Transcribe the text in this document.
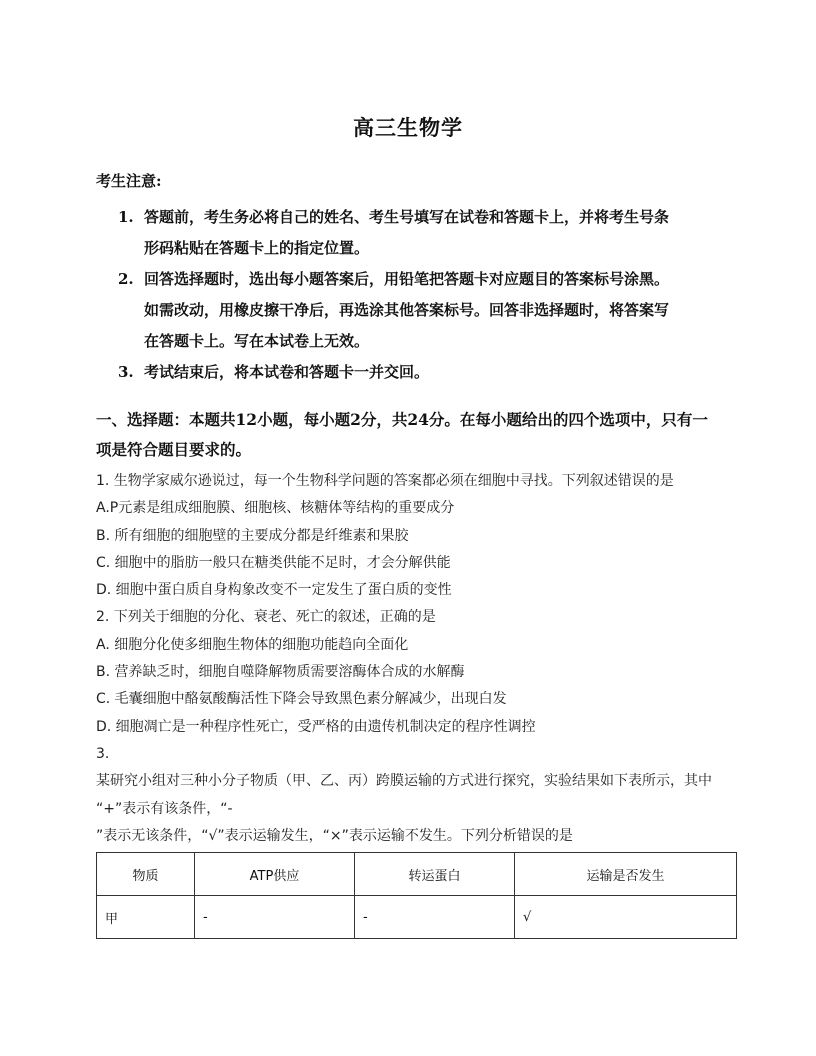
高三生物学
考生注意:
1. 答题前，考生务必将自己的姓名、考生号填写在试卷和答题卡上，并将考生号条
形码粘贴在答题卡上的指定位置。
2. 回答选择题时，选出每小题答案后，用铅笔把答题卡对应题目的答案标号涂黑。
如需改动，用橡皮擦干净后，再选涂其他答案标号。回答非选择题时，将答案写
在答题卡上。写在本试卷上无效。
3. 考试结束后，将本试卷和答题卡一并交回。
一、选择题：本题共12小题，每小题2分，共24分。在每小题给出的四个选项中，只有一
项是符合题目要求的。
1. 生物学家威尔逊说过，每一个生物科学问题的答案都必须在细胞中寻找。下列叙述错误的是
A.P元素是组成细胞膜、细胞核、核糖体等结构的重要成分
B. 所有细胞的细胞壁的主要成分都是纤维素和果胶
C. 细胞中的脂肪一般只在糖类供能不足时，才会分解供能
D. 细胞中蛋白质自身构象改变不一定发生了蛋白质的变性
2. 下列关于细胞的分化、衰老、死亡的叙述，正确的是
A. 细胞分化使多细胞生物体的细胞功能趋向全面化
B. 营养缺乏时，细胞自噬降解物质需要溶酶体合成的水解酶
C. 毛囊细胞中酪氨酸酶活性下降会导致黑色素分解减少，出现白发
D. 细胞凋亡是一种程序性死亡，受严格的由遗传机制决定的程序性调控
3.
某研究小组对三种小分子物质（甲、乙、丙）跨膜运输的方式进行探究，实验结果如下表所示，其中
“+”表示有该条件，“-
”表示无该条件，“√”表示运输发生，“×”表示运输不发生。下列分析错误的是
物质	ATP供应	转运蛋白	运输是否发生
甲	-	-	√
